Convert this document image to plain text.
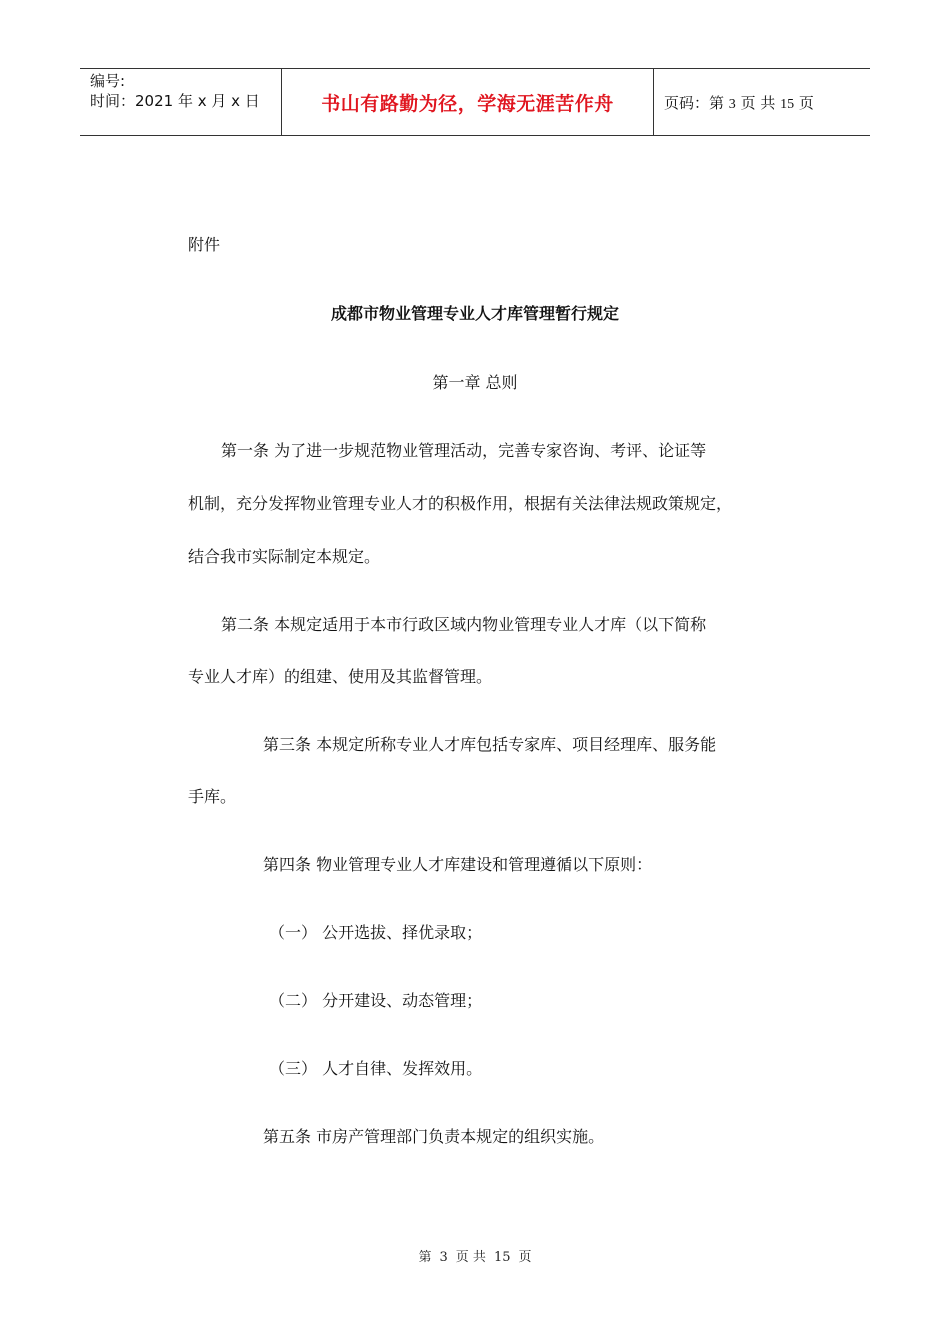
编号:
时间：2021 年 x 月 x 日	书山有路勤为径，学海无涯苦作舟	页码：第 3 页 共 15 页
附件
成都市物业管理专业人才库管理暂行规定
第一章 总则
第一条 为了进一步规范物业管理活动，完善专家咨询、考评、论证等
机制，充分发挥物业管理专业人才的积极作用，根据有关法律法规政策规定，
结合我市实际制定本规定。
第二条 本规定适用于本市行政区域内物业管理专业人才库（以下简称
专业人才库）的组建、使用及其监督管理。
第三条 本规定所称专业人才库包括专家库、项目经理库、服务能
手库。
第四条 物业管理专业人才库建设和管理遵循以下原则：
（一） 公开选拔、择优录取；
（二） 分开建设、动态管理；
（三） 人才自律、发挥效用。
第五条 市房产管理部门负责本规定的组织实施。
第 3 页 共 15 页
